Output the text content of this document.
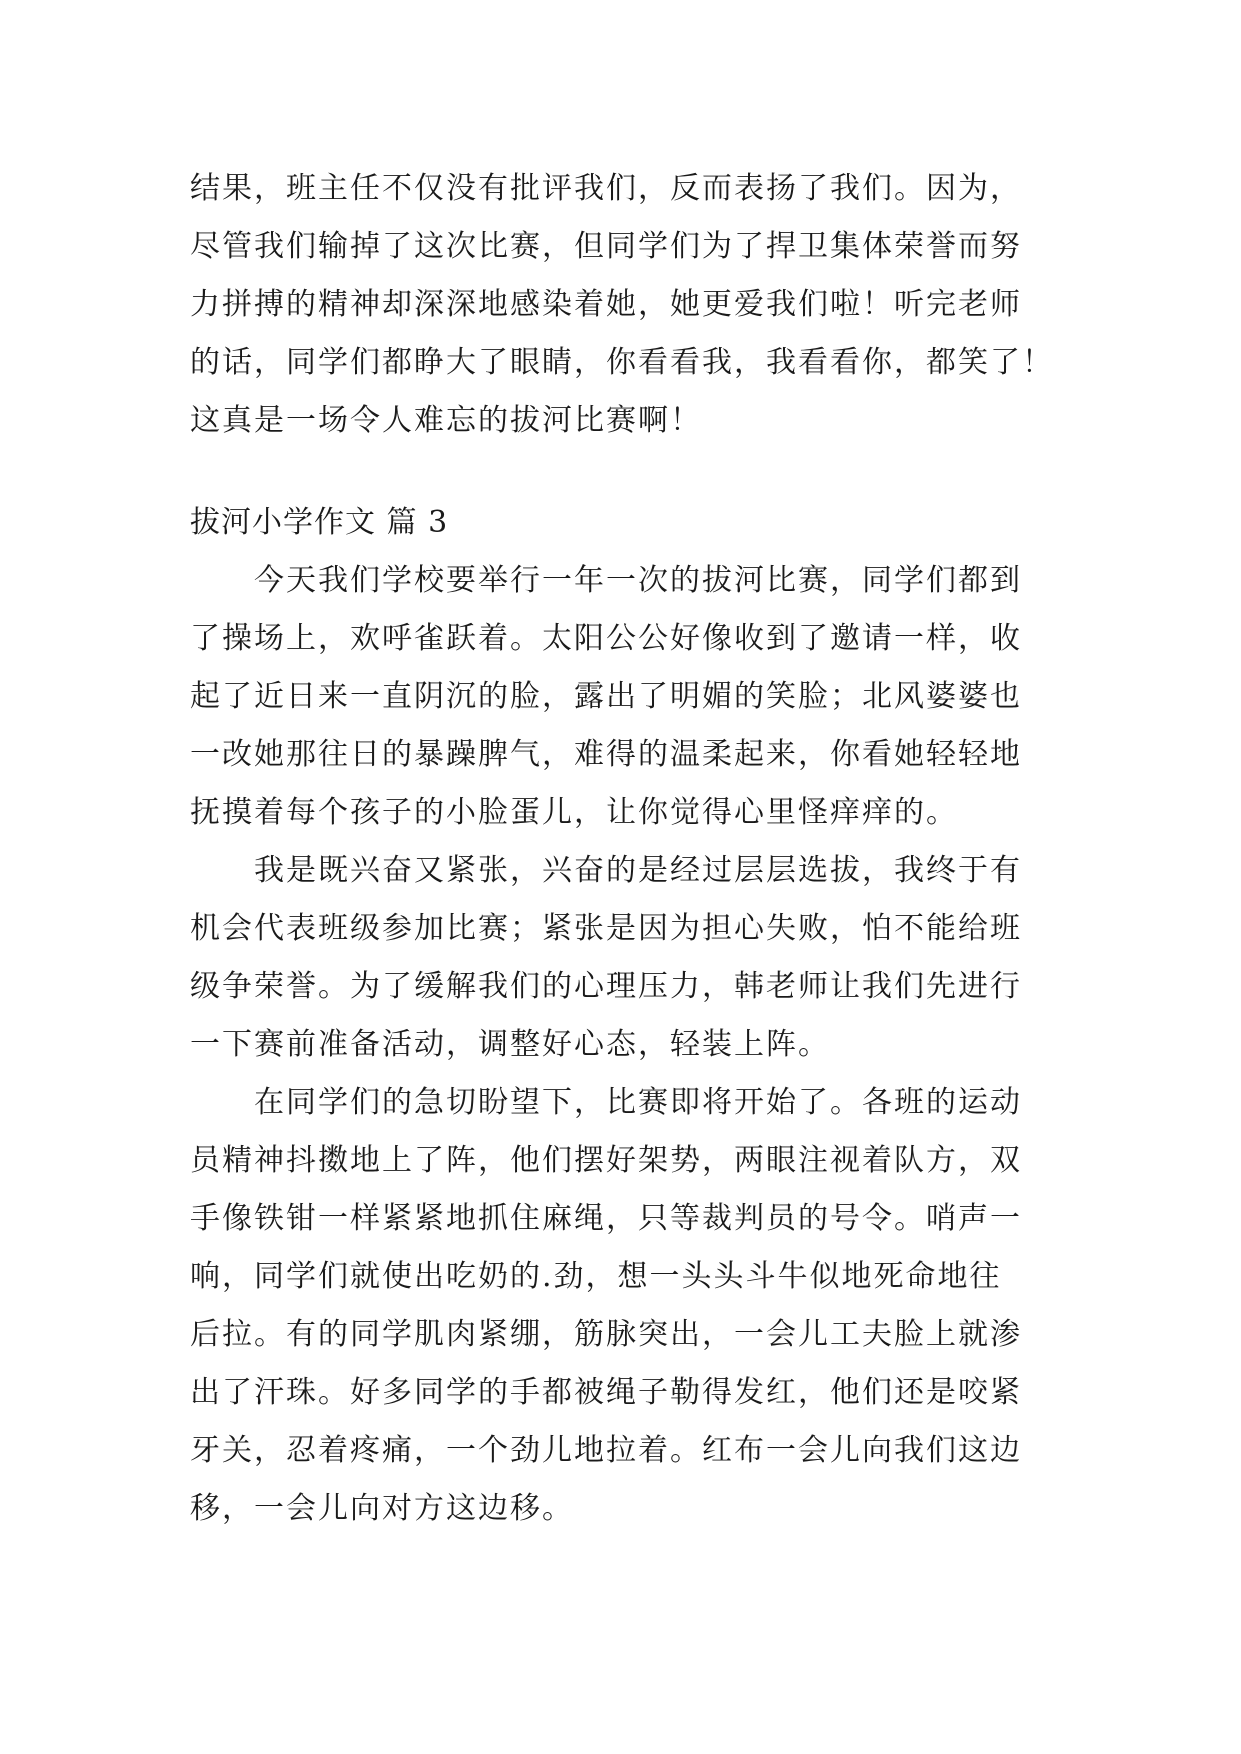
结果，班主任不仅没有批评我们，反而表扬了我们。因为，
尽管我们输掉了这次比赛，但同学们为了捍卫集体荣誉而努
力拼搏的精神却深深地感染着她，她更爱我们啦！听完老师
的话，同学们都睁大了眼睛，你看看我，我看看你，都笑了！
这真是一场令人难忘的拔河比赛啊！
拔河小学作文 篇 3
今天我们学校要举行一年一次的拔河比赛，同学们都到
了操场上，欢呼雀跃着。太阳公公好像收到了邀请一样，收
起了近日来一直阴沉的脸，露出了明媚的笑脸；北风婆婆也
一改她那往日的暴躁脾气，难得的温柔起来，你看她轻轻地
抚摸着每个孩子的小脸蛋儿，让你觉得心里怪痒痒的。
我是既兴奋又紧张，兴奋的是经过层层选拔，我终于有
机会代表班级参加比赛；紧张是因为担心失败，怕不能给班
级争荣誉。为了缓解我们的心理压力，韩老师让我们先进行
一下赛前准备活动，调整好心态，轻装上阵。
在同学们的急切盼望下，比赛即将开始了。各班的运动
员精神抖擞地上了阵，他们摆好架势，两眼注视着队方，双
手像铁钳一样紧紧地抓住麻绳，只等裁判员的号令。哨声一
响，同学们就使出吃奶的.劲，想一头头斗牛似地死命地往
后拉。有的同学肌肉紧绷，筋脉突出，一会儿工夫脸上就渗
出了汗珠。好多同学的手都被绳子勒得发红，他们还是咬紧
牙关，忍着疼痛，一个劲儿地拉着。红布一会儿向我们这边
移，一会儿向对方这边移。
